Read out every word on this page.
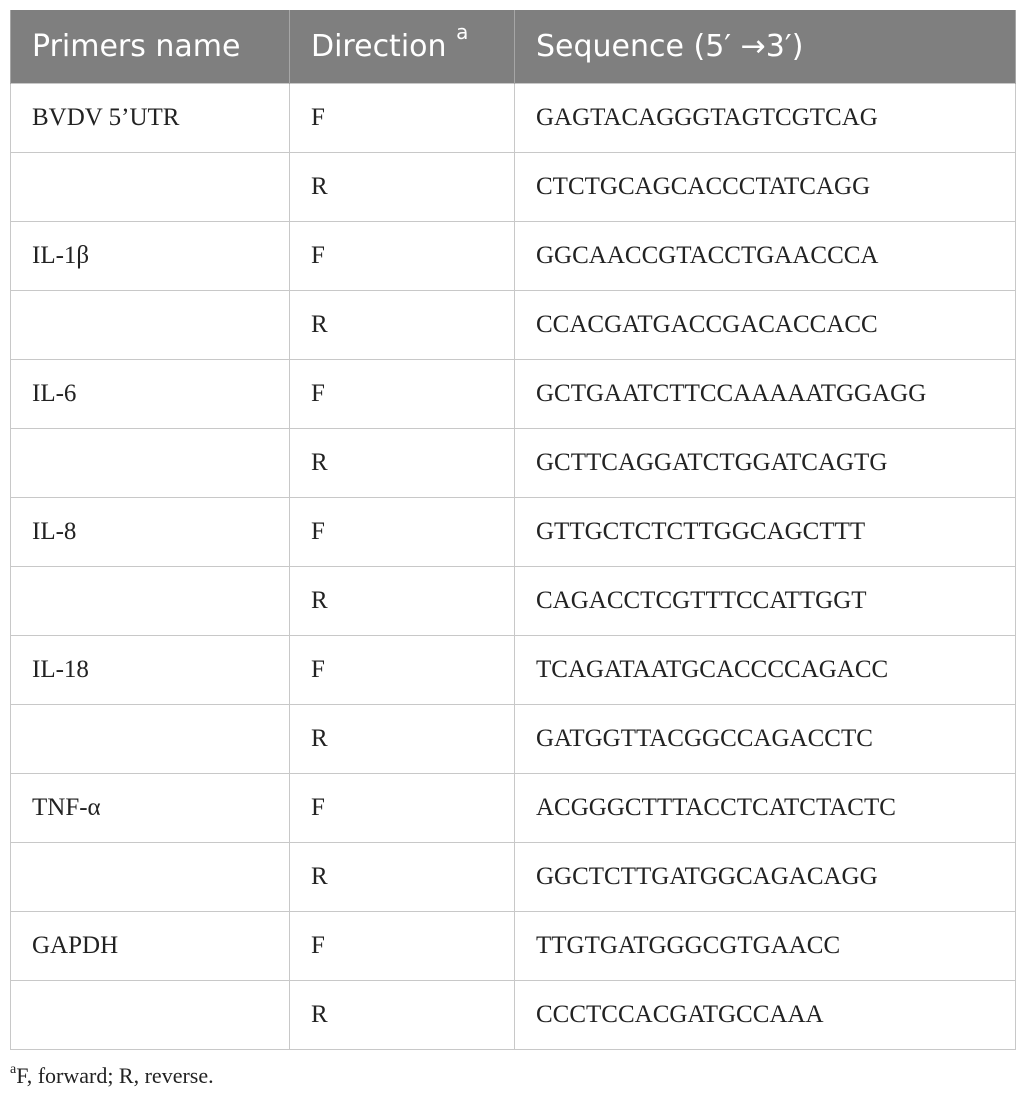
Primers name	Direction $^a$	Sequence (5′ →3′)
BVDV 5’UTR	F	GAGTACAGGGTAGTCGTCAG
	R	CTCTGCAGCACCCTATCAGG
IL-1β	F	GGCAACCGTACCTGAACCCA
	R	CCACGATGACCGACACCACC
IL-6	F	GCTGAATCTTCCAAAAATGGAGG
	R	GCTTCAGGATCTGGATCAGTG
IL-8	F	GTTGCTCTCTTGGCAGCTTT
	R	CAGACCTCGTTTCCATTGGT
IL-18	F	TCAGATAATGCACCCCAGACC
	R	GATGGTTACGGCCAGACCTC
TNF-α	F	ACGGGCTTTACCTCATCTACTC
	R	GGCTCTTGATGGCAGACAGG
GAPDH	F	TTGTGATGGGCGTGAACC
	R	CCCTCCACGATGCCAAA
$^a$F, forward; R, reverse.
